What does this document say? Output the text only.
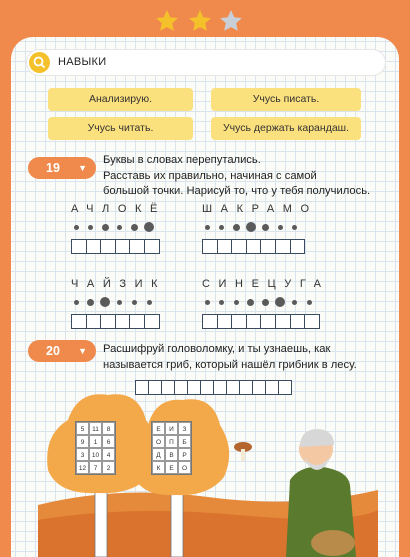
НАВЫКИ
Анализирую.	Учусь писать.
Учусь читать.	Учусь держать карандаш.
19 ▼
Буквы в словах перепутались.
Расставь их правильно, начиная с самой
большой точки. Нарисуй то, что у тебя получилось.
АЧЛОКЁ	ШАКРАМО
ЧАЙЗИК	СИНЕЦУГА
20 ▼ Расшифруй головоломку, и ты узнаешь, как
называется гриб, который нашёл грибник в лесу.
5	11	8
9	1	6
3	10	4
12	7	2
Е	И	З
О	П	Б
Д	В	Р
К	Е	О
